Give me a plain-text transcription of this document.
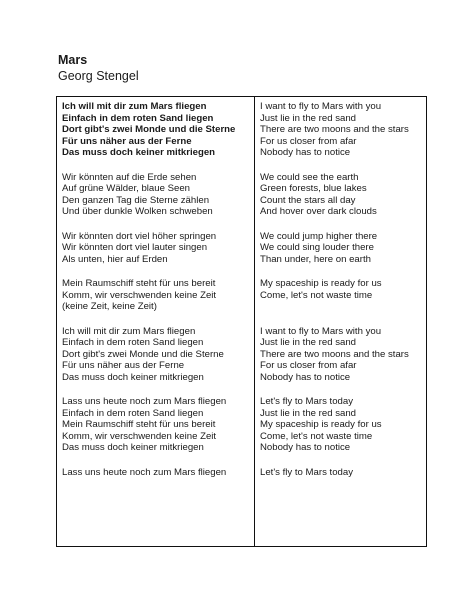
Mars

Georg Stengel

Ich will mit dir zum Mars fliegen
Einfach in dem roten Sand liegen
Dort gibt's zwei Monde und die Sterne
Für uns näher aus der Ferne
Das muss doch keiner mitkriegen
Wir könnten auf die Erde sehen
Auf grüne Wälder, blaue Seen
Den ganzen Tag die Sterne zählen
Und über dunkle Wolken schweben
Wir könnten dort viel höher springen
Wir könnten dort viel lauter singen
Als unten, hier auf Erden
Mein Raumschiff steht für uns bereit
Komm, wir verschwenden keine Zeit
(keine Zeit, keine Zeit)
Ich will mit dir zum Mars fliegen
Einfach in dem roten Sand liegen
Dort gibt's zwei Monde und die Sterne
Für uns näher aus der Ferne
Das muss doch keiner mitkriegen
Lass uns heute noch zum Mars fliegen
Einfach in dem roten Sand liegen
Mein Raumschiff steht für uns bereit
Komm, wir verschwenden keine Zeit
Das muss doch keiner mitkriegen
Lass uns heute noch zum Mars fliegen
I want to fly to Mars with you
Just lie in the red sand
There are two moons and the stars
For us closer from afar
Nobody has to notice
We could see the earth
Green forests, blue lakes
Count the stars all day
And hover over dark clouds
We could jump higher there
We could sing louder there
Than under, here on earth
My spaceship is ready for us
Come, let's not waste time

I want to fly to Mars with you
Just lie in the red sand
There are two moons and the stars
For us closer from afar
Nobody has to notice
Let's fly to Mars today
Just lie in the red sand
My spaceship is ready for us
Come, let's not waste time
Nobody has to notice
Let's fly to Mars today
